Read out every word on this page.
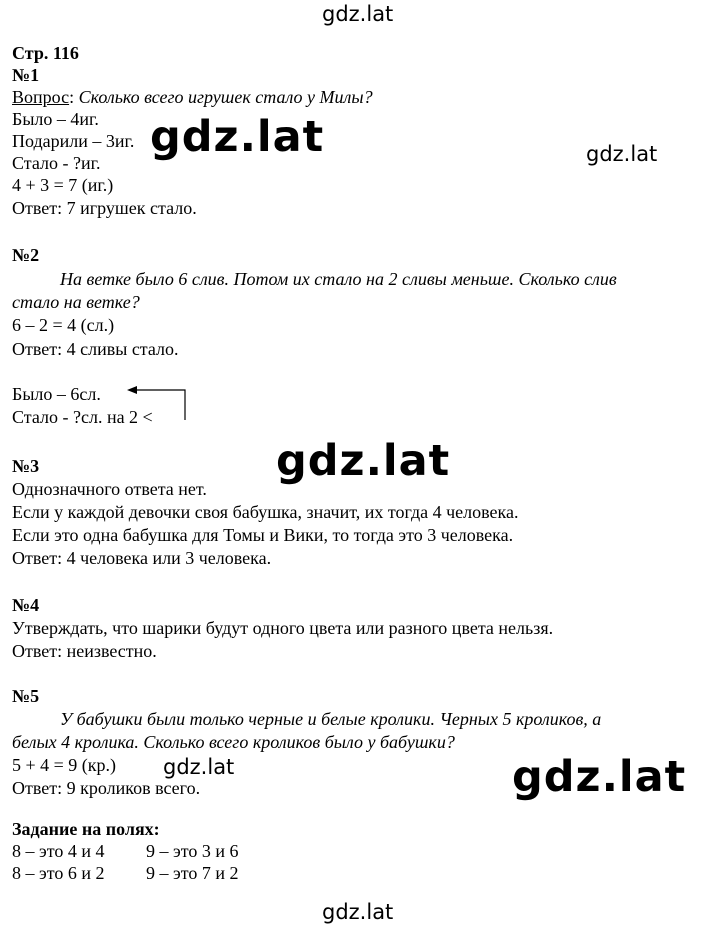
gdz.lat
gdz.lat
gdz.lat
gdz.lat
Стр. 116
№1
Вопрос: Сколько всего игрушек стало у Милы?
Было – 4иг.
Подарили – 3иг.
Стало - ?иг.
4 + 3 = 7 (иг.)
Ответ: 7 игрушек стало.
gdz.lat
№2
На ветке было 6 слив. Потом их стало на 2 сливы меньше. Сколько слив
стало на ветке?
6 – 2 = 4 (сл.)
Ответ: 4 сливы стало.
Было – 6сл.
Стало - ?сл. на 2 <
gdz.lat
№3
Однозначного ответа нет.
Если у каждой девочки своя бабушка, значит, их тогда 4 человека.
Если это одна бабушка для Томы и Вики, то тогда это 3 человека.
Ответ: 4 человека или 3 человека.
№4
Утверждать, что шарики будут одного цвета или разного цвета нельзя.
Ответ: неизвестно.
№5
У бабушки были только черные и белые кролики. Черных 5 кроликов, а
белых 4 кролика. Сколько всего кроликов было у бабушки?
5 + 4 = 9 (кр.)
Ответ: 9 кроликов всего.	gdz.lat
Задание на полях:
8 – это 4 и 4 9 – это 3 и 6
8 – это 6 и 2 9 – это 7 и 2
